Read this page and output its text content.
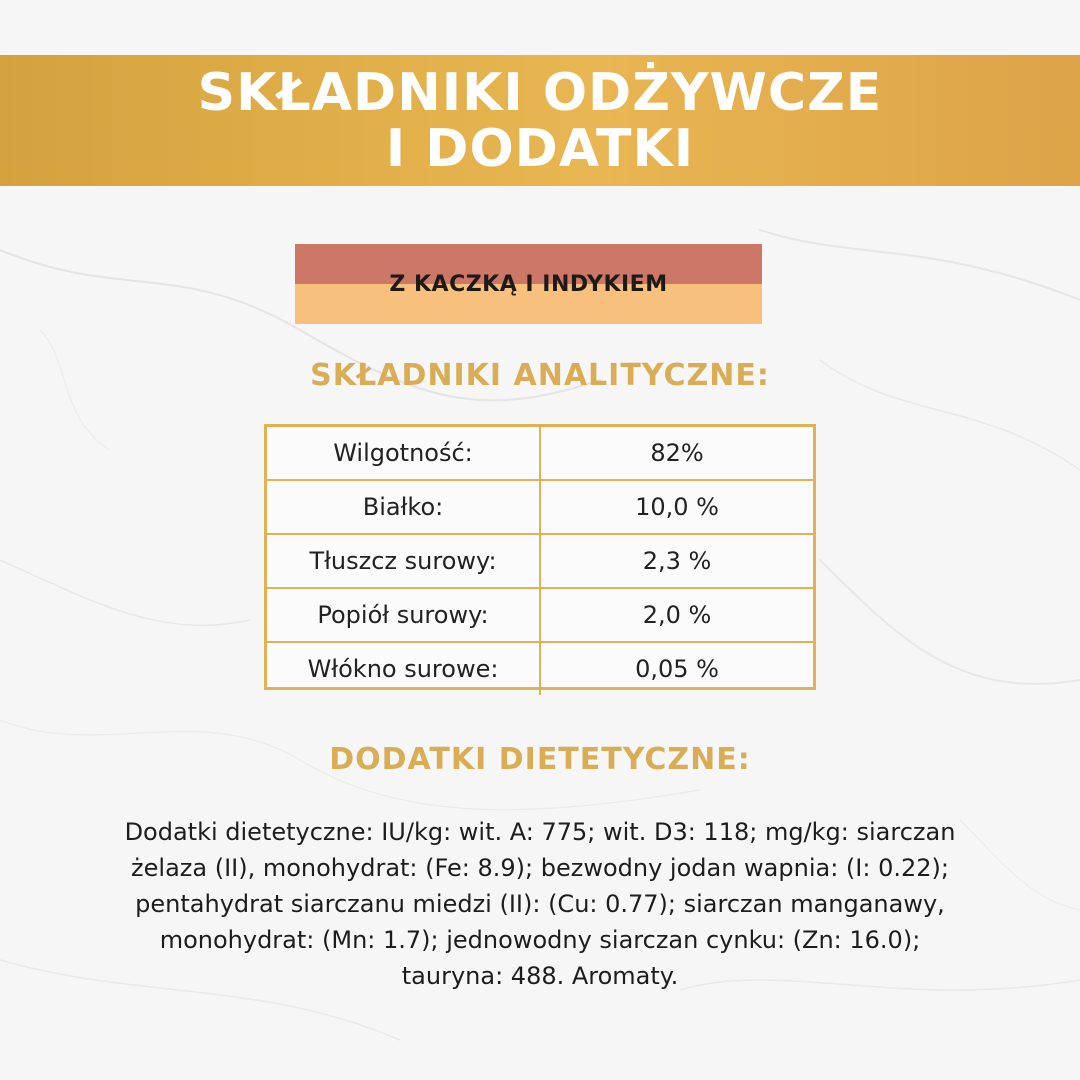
SKŁADNIKI ODŻYWCZE
I DODATKI
Z KACZKĄ I INDYKIEM
SKŁADNIKI ANALITYCZNE:
Wilgotność:	82%
Białko:	10,0 %
Tłuszcz surowy:	2,3 %
Popiół surowy:	2,0 %
Włókno surowe:	0,05 %
DODATKI DIETETYCZNE:
Dodatki dietetyczne: IU/kg: wit. A: 775; wit. D3: 118; mg/kg: siarczan żelaza (II), monohydrat: (Fe: 8.9); bezwodny jodan wapnia: (I: 0.22); pentahydrat siarczanu miedzi (II): (Cu: 0.77); siarczan manganawy, monohydrat: (Mn: 1.7); jednowodny siarczan cynku: (Zn: 16.0); tauryna: 488. Aromaty.
